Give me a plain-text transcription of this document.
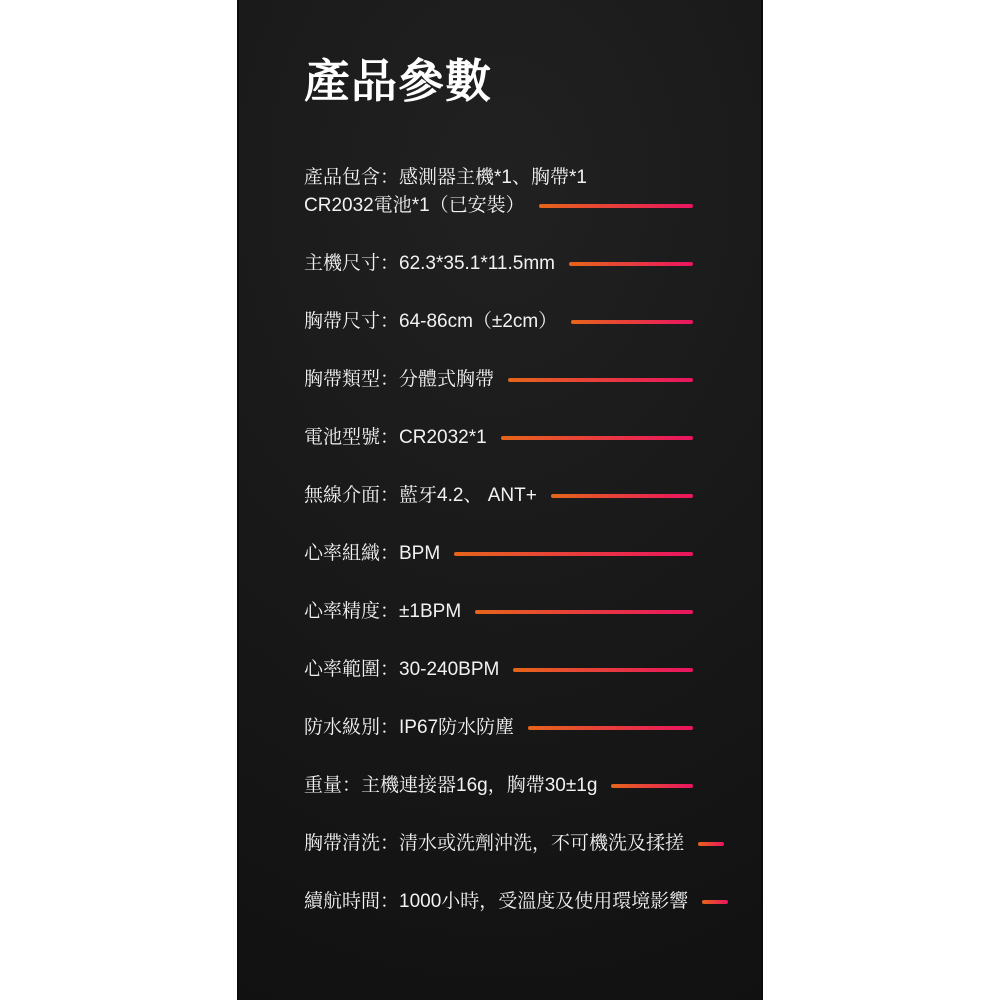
產品參數
產品包含：感測器主機*1、胸帶*1
CR2032電池*1（已安裝）
主機尺寸：62.3*35.1*11.5mm
胸帶尺寸：64-86cm（±2cm）
胸帶類型：分體式胸帶
電池型號：CR2032*1
無線介面：藍牙4.2、 ANT+
心率組織：BPM
心率精度：±1BPM
心率範圍：30-240BPM
防水級別：IP67防水防塵
重量：主機連接器16g，胸帶30±1g
胸帶清洗：清水或洗劑沖洗，不可機洗及揉搓
續航時間：1000小時，受溫度及使用環境影響
